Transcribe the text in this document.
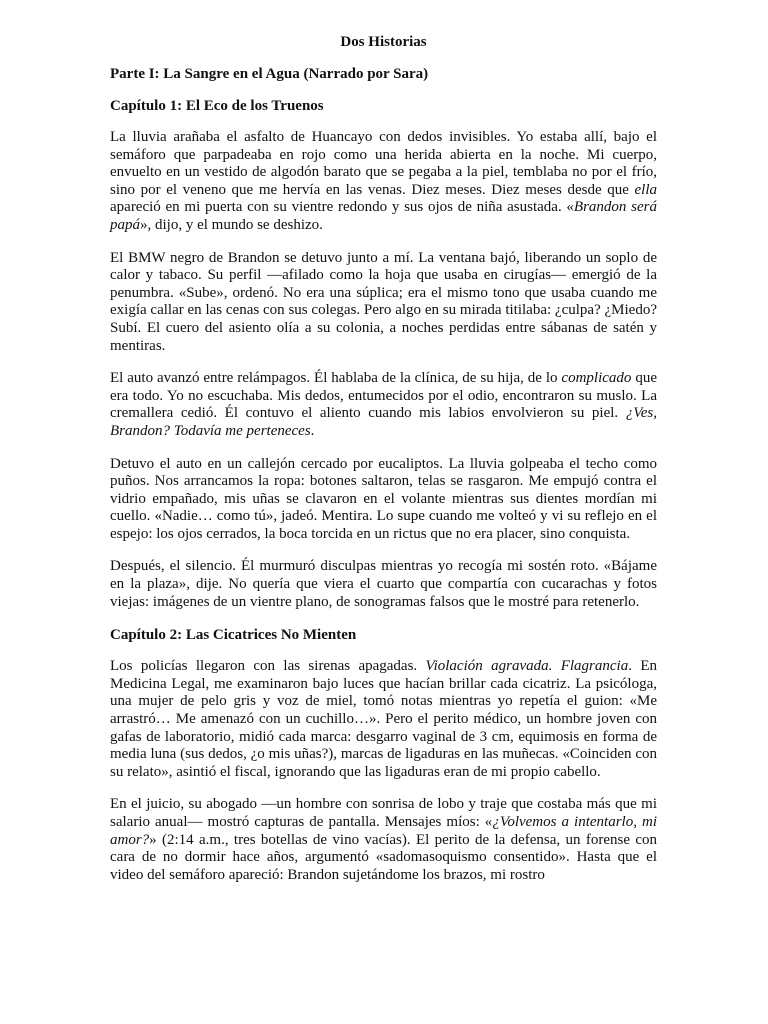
Dos Historias
Parte I: La Sangre en el Agua (Narrado por Sara)
Capítulo 1: El Eco de los Truenos

La lluvia arañaba el asfalto de Huancayo con dedos invisibles. Yo estaba allí, bajo el semáforo que parpadeaba en rojo como una herida abierta en la noche. Mi cuerpo, envuelto en un vestido de algodón barato que se pegaba a la piel, temblaba no por el frío, sino por el veneno que me hervía en las venas. Diez meses. Diez meses desde que ella apareció en mi puerta con su vientre redondo y sus ojos de niña asustada. «Brandon será papá», dijo, y el mundo se deshizo.

El BMW negro de Brandon se detuvo junto a mí. La ventana bajó, liberando un soplo de calor y tabaco. Su perfil —afilado como la hoja que usaba en cirugías— emergió de la penumbra. «Sube», ordenó. No era una súplica; era el mismo tono que usaba cuando me exigía callar en las cenas con sus colegas. Pero algo en su mirada titilaba: ¿culpa? ¿Miedo? Subí. El cuero del asiento olía a su colonia, a noches perdidas entre sábanas de satén y mentiras.

El auto avanzó entre relámpagos. Él hablaba de la clínica, de su hija, de lo complicado que era todo. Yo no escuchaba. Mis dedos, entumecidos por el odio, encontraron su muslo. La cremallera cedió. Él contuvo el aliento cuando mis labios envolvieron su piel. ¿Ves, Brandon? Todavía me perteneces.

Detuvo el auto en un callejón cercado por eucaliptos. La lluvia golpeaba el techo como puños. Nos arrancamos la ropa: botones saltaron, telas se rasgaron. Me empujó contra el vidrio empañado, mis uñas se clavaron en el volante mientras sus dientes mordían mi cuello. «Nadie… como tú», jadeó. Mentira. Lo supe cuando me volteó y vi su reflejo en el espejo: los ojos cerrados, la boca torcida en un rictus que no era placer, sino conquista.

Después, el silencio. Él murmuró disculpas mientras yo recogía mi sostén roto. «Bájame en la plaza», dije. No quería que viera el cuarto que compartía con cucarachas y fotos viejas: imágenes de un vientre plano, de sonogramas falsos que le mostré para retenerlo.

Capítulo 2: Las Cicatrices No Mienten

Los policías llegaron con las sirenas apagadas. Violación agravada. Flagrancia. En Medicina Legal, me examinaron bajo luces que hacían brillar cada cicatriz. La psicóloga, una mujer de pelo gris y voz de miel, tomó notas mientras yo repetía el guion: «Me arrastró… Me amenazó con un cuchillo…». Pero el perito médico, un hombre joven con gafas de laboratorio, midió cada marca: desgarro vaginal de 3 cm, equimosis en forma de media luna (sus dedos, ¿o mis uñas?), marcas de ligaduras en las muñecas. «Coinciden con su relato», asintió el fiscal, ignorando que las ligaduras eran de mi propio cabello.

En el juicio, su abogado —un hombre con sonrisa de lobo y traje que costaba más que mi salario anual— mostró capturas de pantalla. Mensajes míos: «¿Volvemos a intentarlo, mi amor?» (2:14 a.m., tres botellas de vino vacías). El perito de la defensa, un forense con cara de no dormir hace años, argumentó «sadomasoquismo consentido». Hasta que el video del semáforo apareció: Brandon sujetándome los brazos, mi rostro
